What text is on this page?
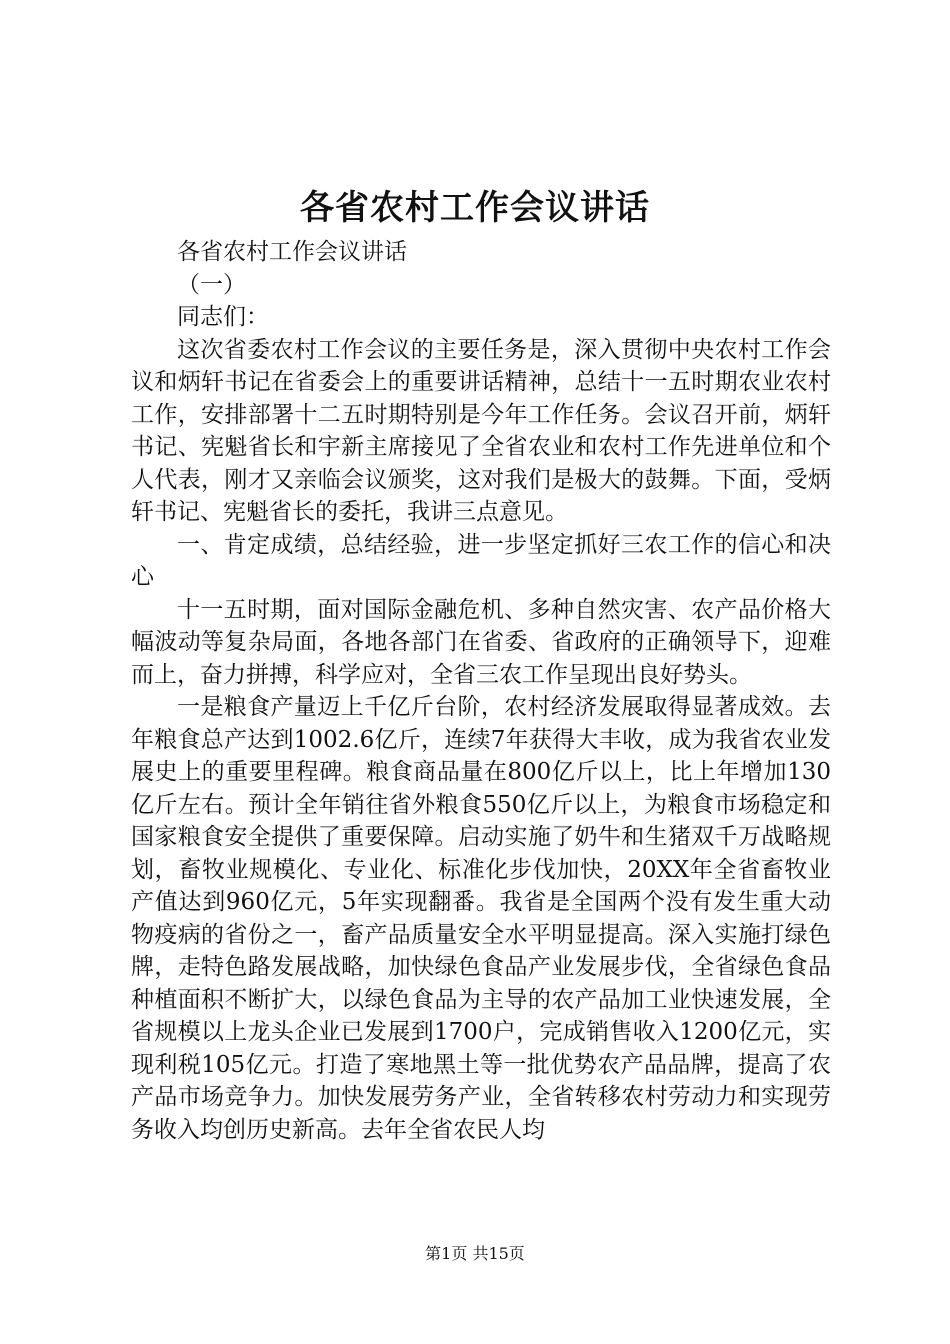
各省农村工作会议讲话

各省农村工作会议讲话

（一）

同志们：

这次省委农村工作会议的主要任务是，深入贯彻中央农村工作会议和炳轩书记在省委会上的重要讲话精神，总结十一五时期农业农村工作，安排部署十二五时期特别是今年工作任务。会议召开前，炳轩书记、宪魁省长和宇新主席接见了全省农业和农村工作先进单位和个人代表，刚才又亲临会议颁奖，这对我们是极大的鼓舞。下面，受炳轩书记、宪魁省长的委托，我讲三点意见。

一、肯定成绩，总结经验，进一步坚定抓好三农工作的信心和决心

十一五时期，面对国际金融危机、多种自然灾害、农产品价格大幅波动等复杂局面，各地各部门在省委、省政府的正确领导下，迎难而上，奋力拼搏，科学应对，全省三农工作呈现出良好势头。

一是粮食产量迈上千亿斤台阶，农村经济发展取得显著成效。去年粮食总产达到1002.6亿斤，连续7年获得大丰收，成为我省农业发展史上的重要里程碑。粮食商品量在800亿斤以上，比上年增加130亿斤左右。预计全年销往省外粮食550亿斤以上，为粮食市场稳定和国家粮食安全提供了重要保障。启动实施了奶牛和生猪双千万战略规划，畜牧业规模化、专业化、标准化步伐加快，20XX年全省畜牧业产值达到960亿元，5年实现翻番。我省是全国两个没有发生重大动物疫病的省份之一，畜产品质量安全水平明显提高。深入实施打绿色牌，走特色路发展战略，加快绿色食品产业发展步伐，全省绿色食品种植面积不断扩大，以绿色食品为主导的农产品加工业快速发展，全省规模以上龙头企业已发展到1700户，完成销售收入1200亿元，实现利税105亿元。打造了寒地黑土等一批优势农产品品牌，提高了农产品市场竞争力。加快发展劳务产业，全省转移农村劳动力和实现劳务收入均创历史新高。去年全省农民人均

第1页 共15页
